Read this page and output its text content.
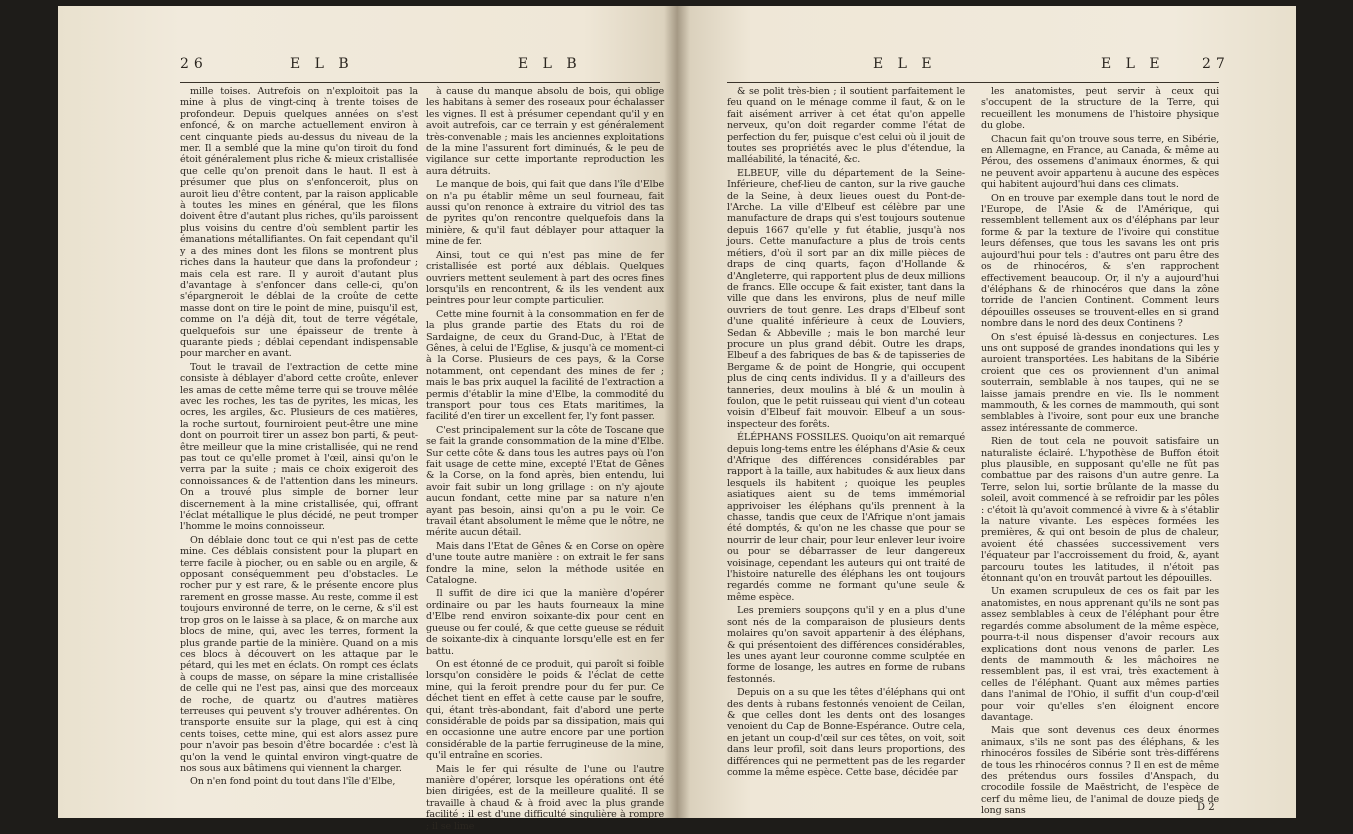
26	E L B	E L B

mille toises. Autrefois on n'exploitoit pas la mine à plus de vingt-cinq à trente toises de profondeur. Depuis quelques années on s'est enfoncé, & on marche actuellement environ à cent cinquante pieds au-dessus du niveau de la mer. Il a semblé que la mine qu'on tiroit du fond étoit généralement plus riche & mieux cristallisée que celle qu'on prenoit dans le haut. Il est à présumer que plus on s'enfonceroit, plus on auroit lieu d'être content, par la raison applicable à toutes les mines en général, que les filons doivent être d'autant plus riches, qu'ils paroissent plus voisins du centre d'où semblent partir les émanations métallifiantes. On fait cependant qu'il y a des mines dont les filons se montrent plus riches dans la hauteur que dans la profondeur ; mais cela est rare. Il y auroit d'autant plus d'avantage à s'enfoncer dans celle-ci, qu'on s'épargneroit le déblai de la croûte de cette masse dont on tire le point de mine, puisqu'il est, comme on l'a déjà dit, tout de terre végétale, quelquefois sur une épaisseur de trente à quarante pieds ; déblai cependant indispensable pour marcher en avant.

Tout le travail de l'extraction de cette mine consiste à déblayer d'abord cette croûte, enlever les amas de cette même terre qui se trouve mêlée avec les roches, les tas de pyrites, les micas, les ocres, les argiles, &c. Plusieurs de ces matières, la roche surtout, fourniroient peut-être une mine dont on pourroit tirer un assez bon parti, & peut-être meilleur que la mine cristallisée, qui ne rend pas tout ce qu'elle promet à l'œil, ainsi qu'on le verra par la suite ; mais ce choix exigeroit des connoissances & de l'attention dans les mineurs. On a trouvé plus simple de borner leur discernement à la mine cristallisée, qui, offrant l'éclat métallique le plus décidé, ne peut tromper l'homme le moins connoisseur.

On déblaie donc tout ce qui n'est pas de cette mine. Ces déblais consistent pour la plupart en terre facile à piocher, ou en sable ou en argile, & opposant conséquemment peu d'obstacles. Le rocher pur y est rare, & le présente encore plus rarement en grosse masse. Au reste, comme il est toujours environné de terre, on le cerne, & s'il est trop gros on le laisse à sa place, & on marche aux blocs de mine, qui, avec les terres, forment la plus grande partie de la minière. Quand on a mis ces blocs à découvert on les attaque par le pétard, qui les met en éclats. On rompt ces éclats à coups de masse, on sépare la mine cristallisée de celle qui ne l'est pas, ainsi que des morceaux de roche, de quartz ou d'autres matières terreuses qui peuvent s'y trouver adhérentes. On transporte ensuite sur la plage, qui est à cinq cents toises, cette mine, qui est alors assez pure pour n'avoir pas besoin d'être bocardée : c'est là qu'on la vend le quintal environ vingt-quatre de nos sous aux bâtimens qui viennent la charger.

On n'en fond point du tout dans l'île d'Elbe,

à cause du manque absolu de bois, qui oblige les habitans à semer des roseaux pour échalasser les vignes. Il est à présumer cependant qu'il y en avoit autrefois, car ce terrain y est généralement très-convenable ; mais les anciennes exploitations de la mine l'assurent fort diminués, & le peu de vigilance sur cette importante reproduction les aura détruits.

Le manque de bois, qui fait que dans l'île d'Elbe on n'a pu établir même un seul fourneau, fait aussi qu'on renonce à extraire du vitriol des tas de pyrites qu'on rencontre quelquefois dans la minière, & qu'il faut déblayer pour attaquer la mine de fer.

Ainsi, tout ce qui n'est pas mine de fer cristallisée est porté aux déblais. Quelques ouvriers mettent seulement à part des ocres fines lorsqu'ils en rencontrent, & ils les vendent aux peintres pour leur compte particulier.

Cette mine fournit à la consommation en fer de la plus grande partie des Etats du roi de Sardaigne, de ceux du Grand-Duc, à l'Etat de Gênes, à celui de l'Eglise, & jusqu'à ce moment-ci à la Corse. Plusieurs de ces pays, & la Corse notamment, ont cependant des mines de fer ; mais le bas prix auquel la facilité de l'extraction a permis d'établir la mine d'Elbe, la commodité du transport pour tous ces Etats maritimes, la facilité d'en tirer un excellent fer, l'y font passer.

C'est principalement sur la côte de Toscane que se fait la grande consommation de la mine d'Elbe. Sur cette côte & dans tous les autres pays où l'on fait usage de cette mine, excepté l'Etat de Gênes & la Corse, on la fond après, bien entendu, lui avoir fait subir un long grillage : on n'y ajoute aucun fondant, cette mine par sa nature n'en ayant pas besoin, ainsi qu'on a pu le voir. Ce travail étant absolument le même que le nôtre, ne mérite aucun détail.

Mais dans l'Etat de Gênes & en Corse on opère d'une toute autre manière : on extrait le fer sans fondre la mine, selon la méthode usitée en Catalogne.

Il suffit de dire ici que la manière d'opérer ordinaire ou par les hauts fourneaux la mine d'Elbe rend environ soixante-dix pour cent en gueuse ou fer coulé, & que cette gueuse se réduit de soixante-dix à cinquante lorsqu'elle est en fer battu.

On est étonné de ce produit, qui paroît si foible lorsqu'on considère le poids & l'éclat de cette mine, qui la feroit prendre pour du fer pur. Ce déchet tient en effet à cette cause par le soufre, qui, étant très-abondant, fait d'abord une perte considérable de poids par sa dissipation, mais qui en occasionne une autre encore par une portion considérable de la partie ferrugineuse de la mine, qu'il entraîne en scories.

Mais le fer qui résulte de l'une ou l'autre manière d'opérer, lorsque les opérations ont été bien dirigées, est de la meilleure qualité. Il se travaille à chaud & à froid avec la plus grande facilité : il est d'une difficulté singulière à rompre ; il se lime

E L E	E L E	27

& se polit très-bien ; il soutient parfaitement le feu quand on le ménage comme il faut, & on le fait aisément arriver à cet état qu'on appelle nerveux, qu'on doit regarder comme l'état de perfection du fer, puisque c'est celui où il jouit de toutes ses propriétés avec le plus d'étendue, la malléabilité, la ténacité, &c.

ELBEUF, ville du département de la Seine-Inférieure, chef-lieu de canton, sur la rive gauche de la Seine, à deux lieues ouest du Pont-de-l'Arche. La ville d'Elbeuf est célèbre par une manufacture de draps qui s'est toujours soutenue depuis 1667 qu'elle y fut établie, jusqu'à nos jours. Cette manufacture a plus de trois cents métiers, d'où il sort par an dix mille pièces de draps de cinq quarts, façon d'Hollande & d'Angleterre, qui rapportent plus de deux millions de francs. Elle occupe & fait exister, tant dans la ville que dans les environs, plus de neuf mille ouvriers de tout genre. Les draps d'Elbeuf sont d'une qualité inférieure à ceux de Louviers, Sedan & Abbeville ; mais le bon marché leur procure un plus grand débit. Outre les draps, Elbeuf a des fabriques de bas & de tapisseries de Bergame & de point de Hongrie, qui occupent plus de cinq cents individus. Il y a d'ailleurs des tanneries, deux moulins à blé & un moulin à foulon, que le petit ruisseau qui vient d'un coteau voisin d'Elbeuf fait mouvoir. Elbeuf a un sous-inspecteur des forêts.

ÉLÉPHANS FOSSILES. Quoiqu'on ait remarqué depuis long-tems entre les éléphans d'Asie & ceux d'Afrique des différences considérables par rapport à la taille, aux habitudes & aux lieux dans lesquels ils habitent ; quoique les peuples asiatiques aient su de tems immémorial apprivoiser les éléphans qu'ils prennent à la chasse, tandis que ceux de l'Afrique n'ont jamais été domptés, & qu'on ne les chasse que pour se nourrir de leur chair, pour leur enlever leur ivoire ou pour se débarrasser de leur dangereux voisinage, cependant les auteurs qui ont traité de l'histoire naturelle des éléphans les ont toujours regardés comme ne formant qu'une seule & même espèce.

Les premiers soupçons qu'il y en a plus d'une sont nés de la comparaison de plusieurs dents molaires qu'on savoit appartenir à des éléphans, & qui présentoient des différences considérables, les unes ayant leur couronne comme sculptée en forme de losange, les autres en forme de rubans festonnés.

Depuis on a su que les têtes d'éléphans qui ont des dents à rubans festonnés venoient de Ceilan, & que celles dont les dents ont des losanges venoient du Cap de Bonne-Espérance. Outre cela, en jetant un coup-d'œil sur ces têtes, on voit, soit dans leur profil, soit dans leurs proportions, des différences qui ne permettent pas de les regarder comme la même espèce. Cette base, décidée par

les anatomistes, peut servir à ceux qui s'occupent de la structure de la Terre, qui recueillent les monumens de l'histoire physique du globe.

Chacun fait qu'on trouve sous terre, en Sibérie, en Allemagne, en France, au Canada, & même au Pérou, des ossemens d'animaux énormes, & qui ne peuvent avoir appartenu à aucune des espèces qui habitent aujourd'hui dans ces climats.

On en trouve par exemple dans tout le nord de l'Europe, de l'Asie & de l'Amérique, qui ressemblent tellement aux os d'éléphans par leur forme & par la texture de l'ivoire qui constitue leurs défenses, que tous les savans les ont pris aujourd'hui pour tels : d'autres ont paru être des os de rhinocéros, & s'en rapprochent effectivement beaucoup. Or, il n'y a aujourd'hui d'éléphans & de rhinocéros que dans la zône torride de l'ancien Continent. Comment leurs dépouilles osseuses se trouvent-elles en si grand nombre dans le nord des deux Continens ?

On s'est épuisé là-dessus en conjectures. Les uns ont supposé de grandes inondations qui les y auroient transportées. Les habitans de la Sibérie croient que ces os proviennent d'un animal souterrain, semblable à nos taupes, qui ne se laisse jamais prendre en vie. Ils le nomment mammouth, & les cornes de mammouth, qui sont semblables à l'ivoire, sont pour eux une branche assez intéressante de commerce.

Rien de tout cela ne pouvoit satisfaire un naturaliste éclairé. L'hypothèse de Buffon étoit plus plausible, en supposant qu'elle ne fût pas combattue par des raisons d'un autre genre. La Terre, selon lui, sortie brûlante de la masse du soleil, avoit commencé à se refroidir par les pôles : c'étoit là qu'avoit commencé à vivre & à s'établir la nature vivante. Les espèces formées les premières, & qui ont besoin de plus de chaleur, avoient été chassées successivement vers l'équateur par l'accroissement du froid, &, ayant parcouru toutes les latitudes, il n'étoit pas étonnant qu'on en trouvât partout les dépouilles.

Un examen scrupuleux de ces os fait par les anatomistes, en nous apprenant qu'ils ne sont pas assez semblables à ceux de l'éléphant pour être regardés comme absolument de la même espèce, pourra-t-il nous dispenser d'avoir recours aux explications dont nous venons de parler. Les dents de mammouth & les mâchoires ne ressemblent pas, il est vrai, très exactement à celles de l'éléphant. Quant aux mêmes parties dans l'animal de l'Ohio, il suffit d'un coup-d'œil pour voir qu'elles s'en éloignent encore davantage.

Mais que sont devenus ces deux énormes animaux, s'ils ne sont pas des éléphans, & les rhinocéros fossiles de Sibérie sont très-différens de tous les rhinocéros connus ? Il en est de même des prétendus ours fossiles d'Anspach, du crocodile fossile de Maëstricht, de l'espèce de cerf du même lieu, de l'animal de douze pieds de long sans	D 2
